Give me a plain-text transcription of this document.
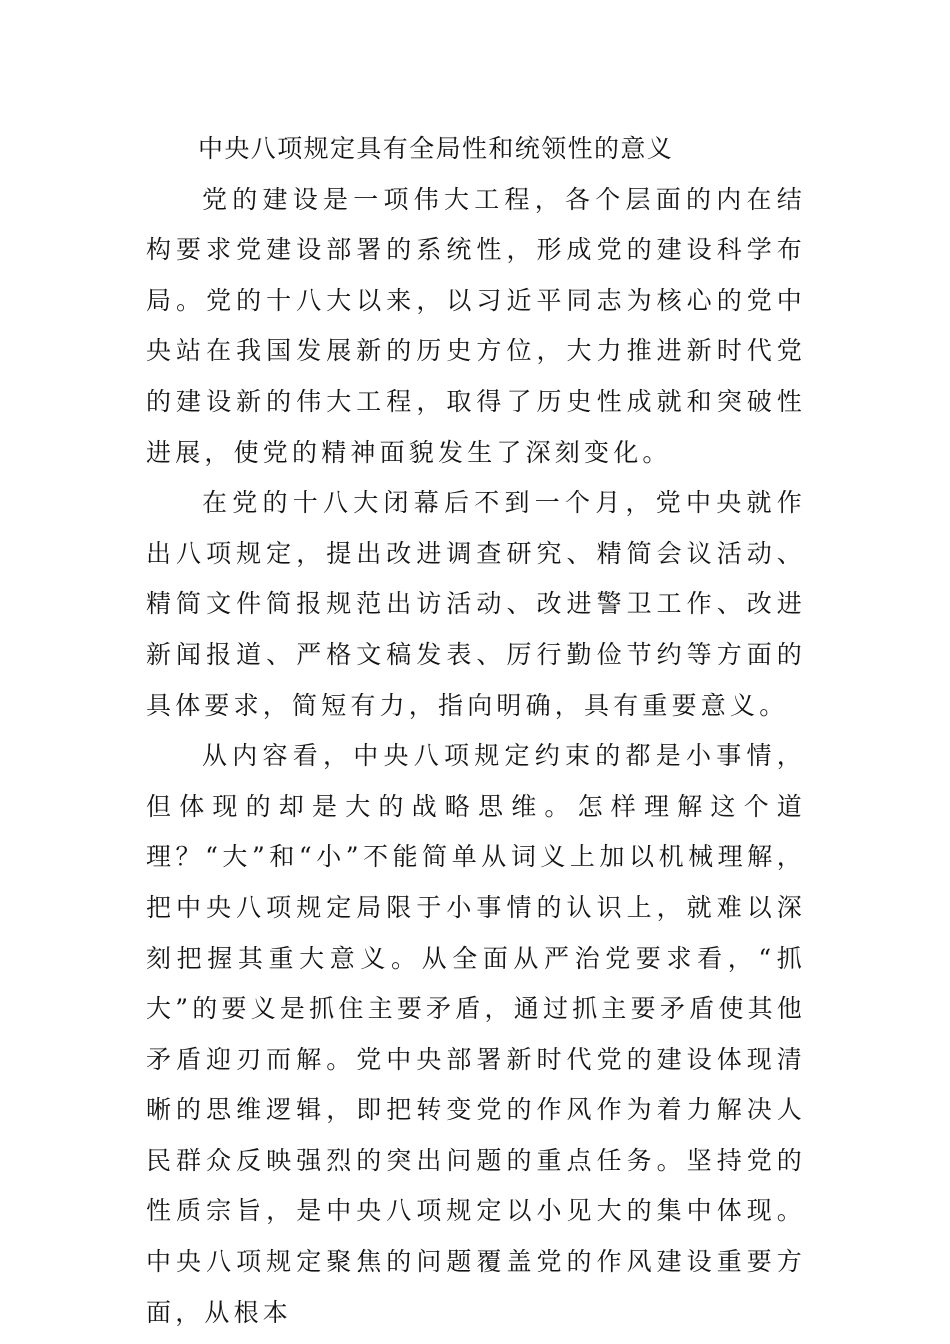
中央八项规定具有全局性和统领性的意义

党的建设是一项伟大工程，各个层面的内在结构要求党建设部署的系统性，形成党的建设科学布局。党的十八大以来，以习近平同志为核心的党中央站在我国发展新的历史方位，大力推进新时代党的建设新的伟大工程，取得了历史性成就和突破性进展，使党的精神面貌发生了深刻变化。

在党的十八大闭幕后不到一个月，党中央就作出八项规定，提出改进调查研究、精简会议活动、精简文件简报规范出访活动、改进警卫工作、改进新闻报道、严格文稿发表、厉行勤俭节约等方面的具体要求，简短有力，指向明确，具有重要意义。

从内容看，中央八项规定约束的都是小事情，但体现的却是大的战略思维。怎样理解这个道理？“大”和“小”不能简单从词义上加以机械理解，把中央八项规定局限于小事情的认识上，就难以深刻把握其重大意义。从全面从严治党要求看，“抓大”的要义是抓住主要矛盾，通过抓主要矛盾使其他矛盾迎刃而解。党中央部署新时代党的建设体现清晰的思维逻辑，即把转变党的作风作为着力解决人民群众反映强烈的突出问题的重点任务。坚持党的性质宗旨，是中央八项规定以小见大的集中体现。中央八项规定聚焦的问题覆盖党的作风建设重要方面，从根本
